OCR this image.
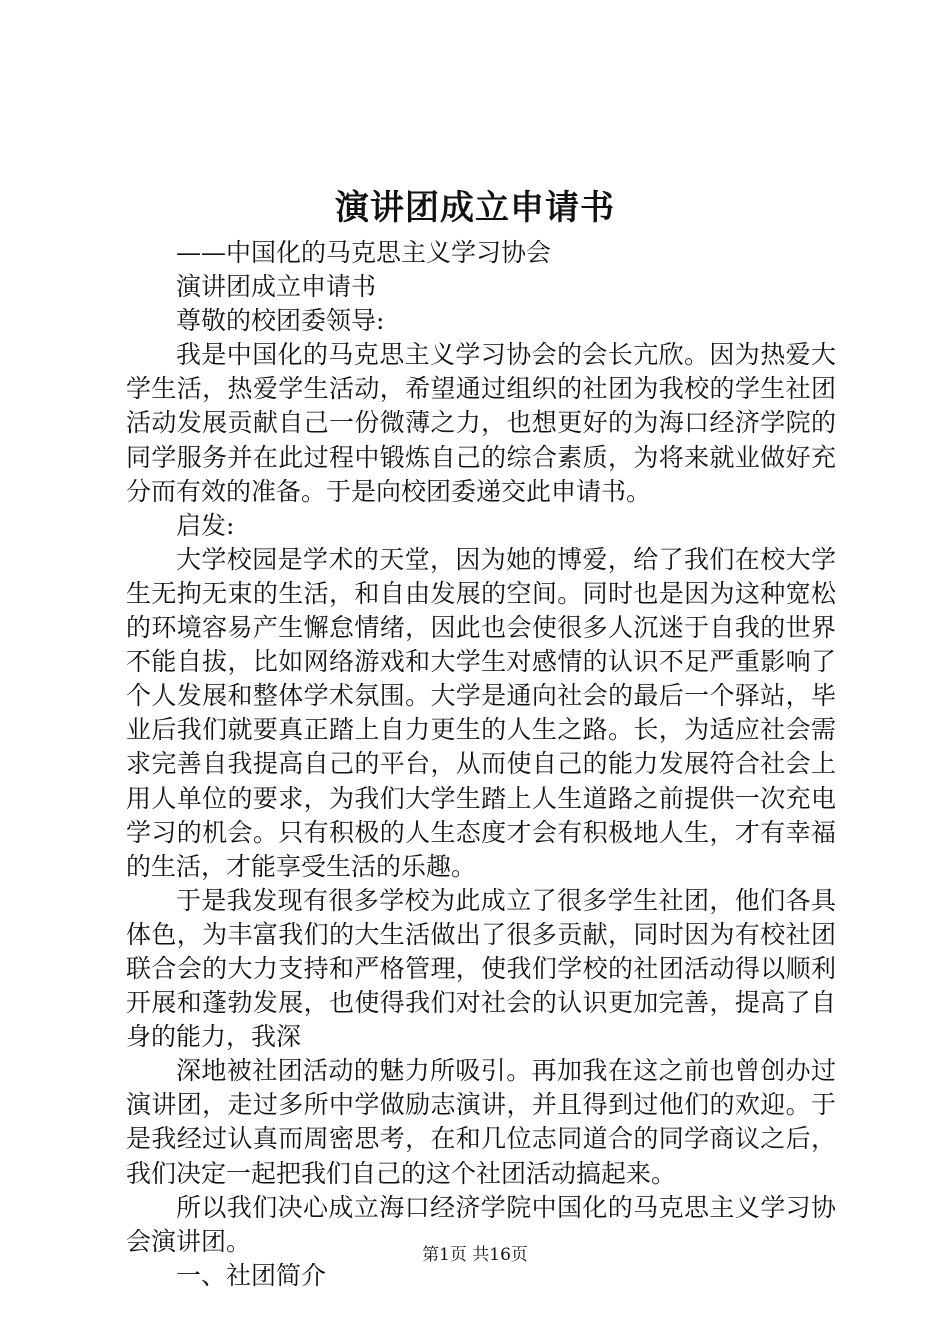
演讲团成立申请书

——中国化的马克思主义学习协会

演讲团成立申请书

尊敬的校团委领导:

我是中国化的马克思主义学习协会的会长亢欣。因为热爱大学生活，热爱学生活动，希望通过组织的社团为我校的学生社团活动发展贡献自己一份微薄之力，也想更好的为海口经济学院的同学服务并在此过程中锻炼自己的综合素质，为将来就业做好充分而有效的准备。于是向校团委递交此申请书。

启发:

大学校园是学术的天堂，因为她的博爱，给了我们在校大学生无拘无束的生活，和自由发展的空间。同时也是因为这种宽松的环境容易产生懈怠情绪，因此也会使很多人沉迷于自我的世界不能自拔，比如网络游戏和大学生对感情的认识不足严重影响了个人发展和整体学术氛围。大学是通向社会的最后一个驿站，毕业后我们就要真正踏上自力更生的人生之路。长，为适应社会需求完善自我提高自己的平台，从而使自己的能力发展符合社会上用人单位的要求，为我们大学生踏上人生道路之前提供一次充电学习的机会。只有积极的人生态度才会有积极地人生，才有幸福的生活，才能享受生活的乐趣。

于是我发现有很多学校为此成立了很多学生社团，他们各具体色，为丰富我们的大生活做出了很多贡献，同时因为有校社团联合会的大力支持和严格管理，使我们学校的社团活动得以顺利开展和蓬勃发展，也使得我们对社会的认识更加完善，提高了自身的能力，我深

深地被社团活动的魅力所吸引。再加我在这之前也曾创办过演讲团，走过多所中学做励志演讲，并且得到过他们的欢迎。于是我经过认真而周密思考，在和几位志同道合的同学商议之后，我们决定一起把我们自己的这个社团活动搞起来。

所以我们决心成立海口经济学院中国化的马克思主义学习协会演讲团。

一、社团简介

第1页 共16页
